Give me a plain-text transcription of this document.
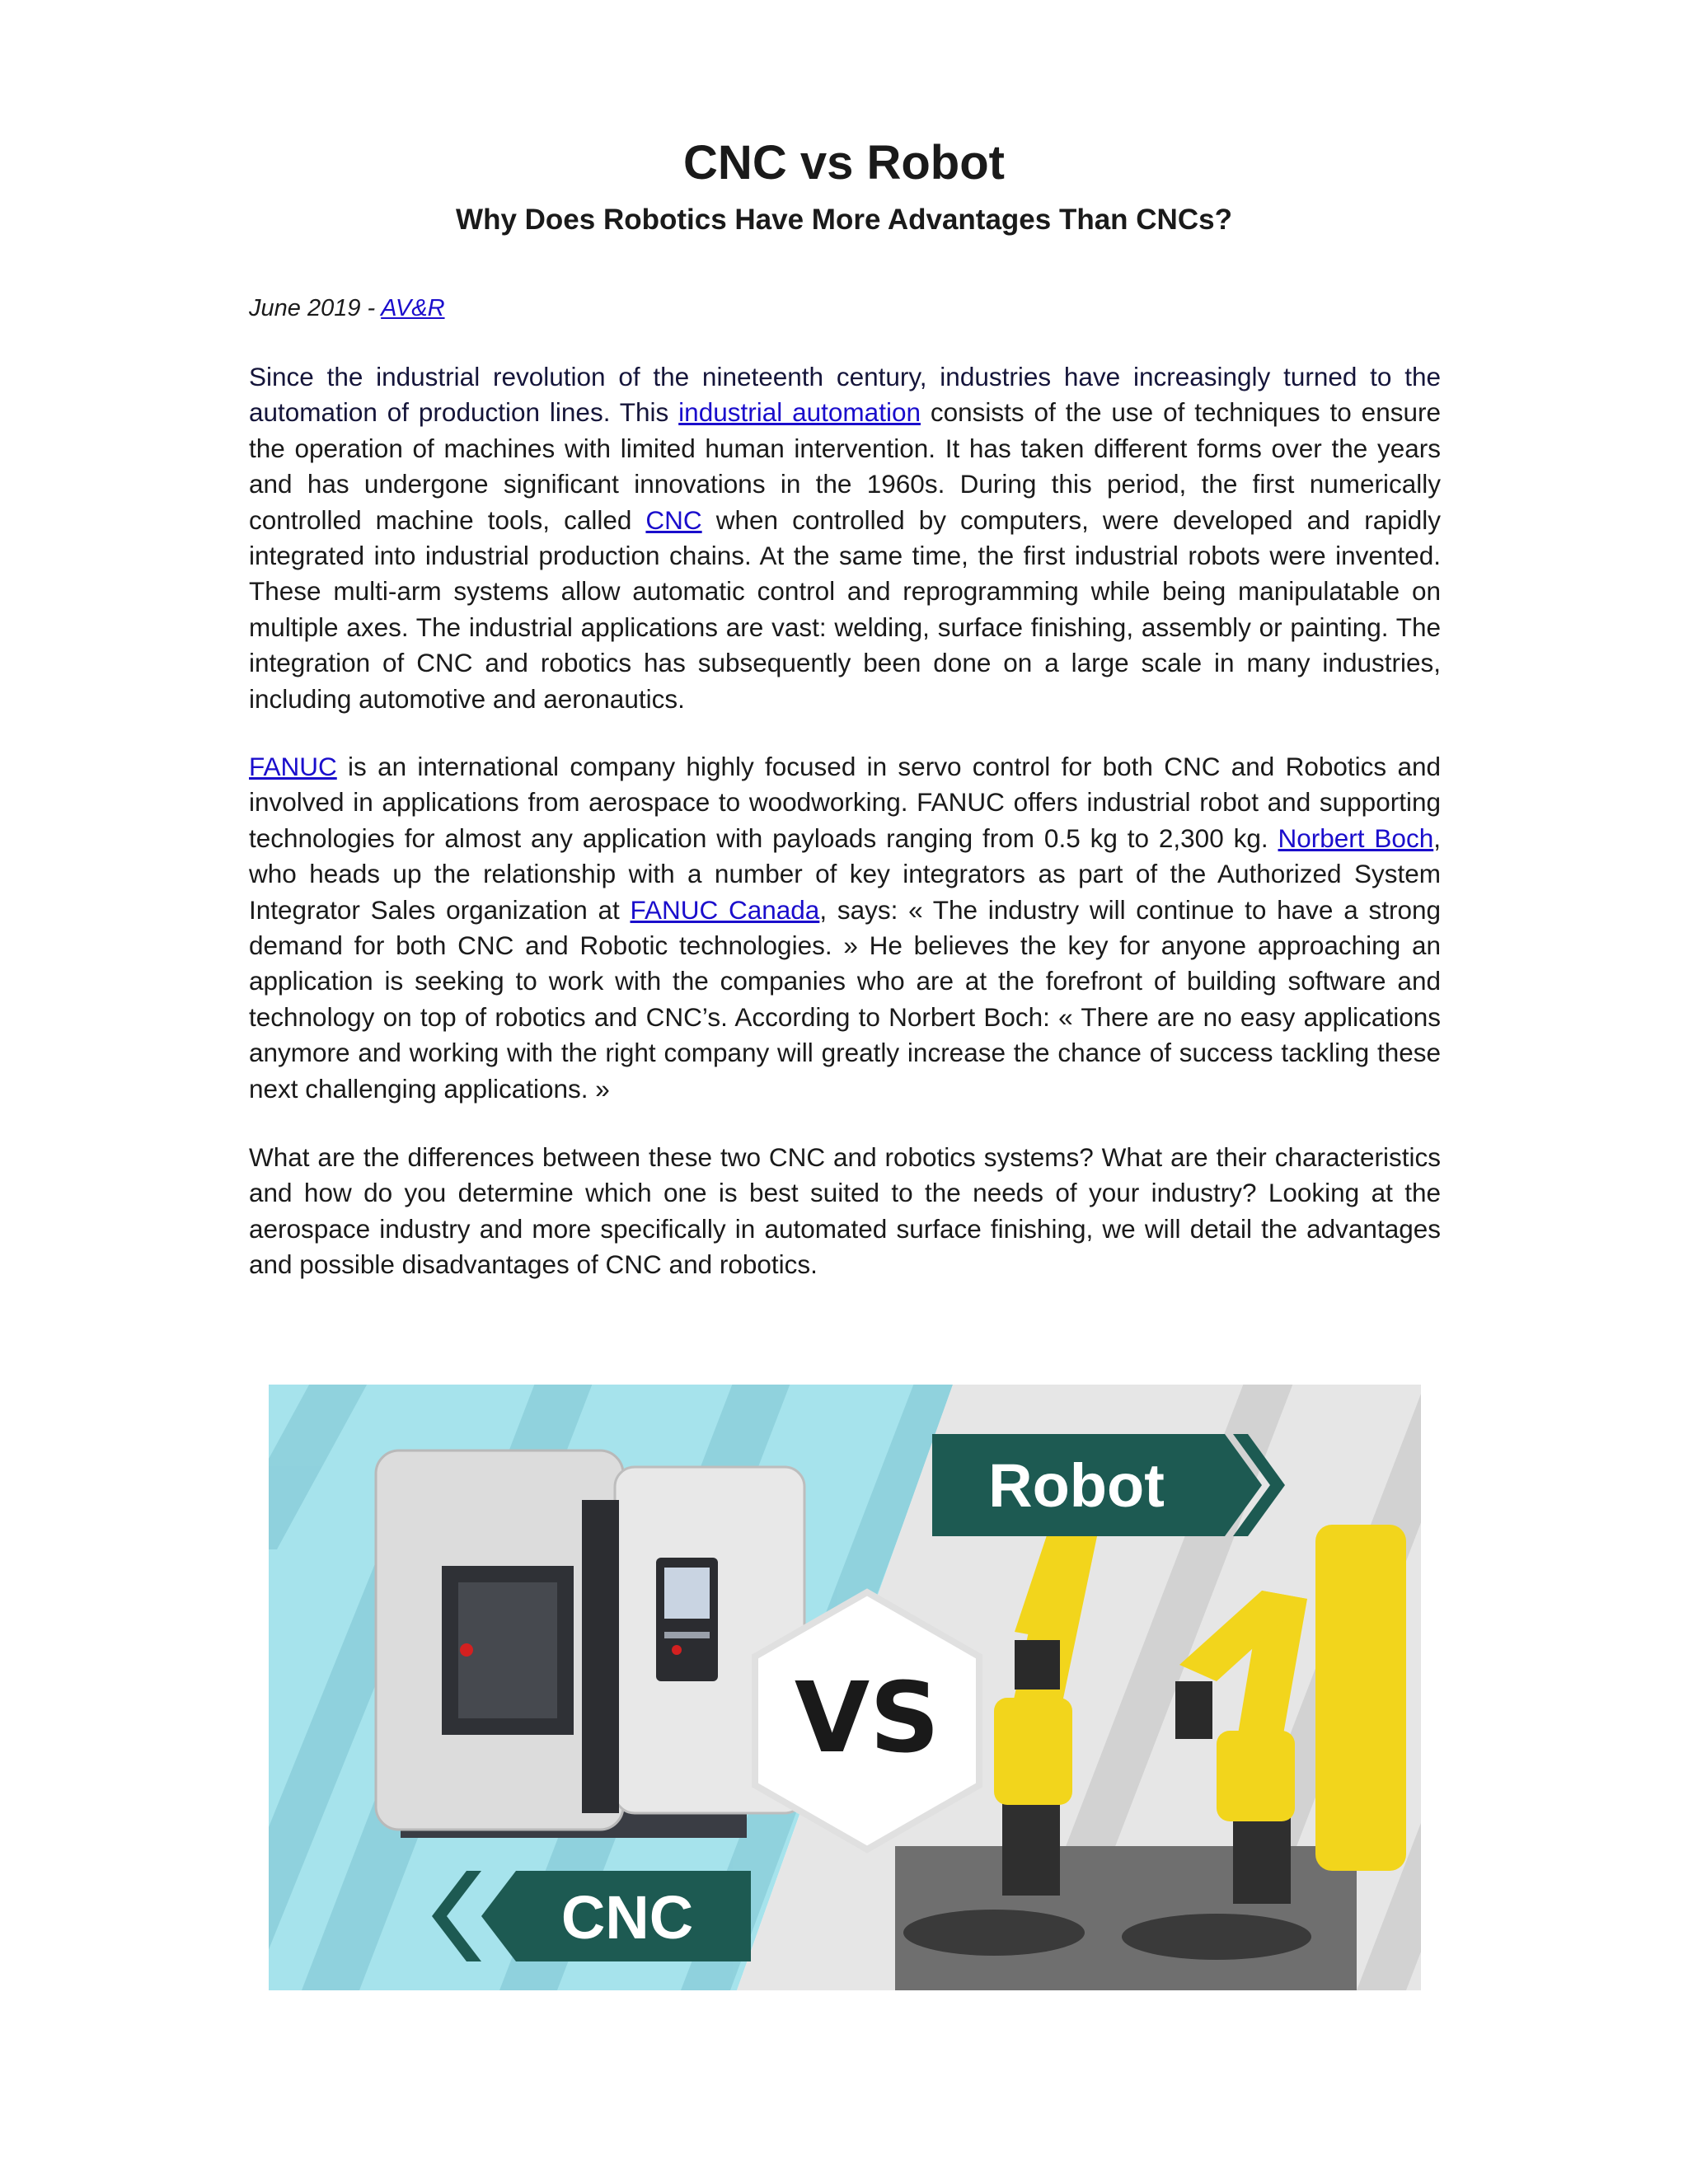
CNC vs Robot
Why Does Robotics Have More Advantages Than CNCs?
June 2019 - AV&R

Since the industrial revolution of the nineteenth century, industries have increasingly turned to the automation of production lines. This industrial automation consists of the use of techniques to ensure the operation of machines with limited human intervention. It has taken different forms over the years and has undergone significant innovations in the 1960s. During this period, the first numerically controlled machine tools, called CNC when controlled by computers, were developed and rapidly integrated into industrial production chains. At the same time, the first industrial robots were invented. These multi-arm systems allow automatic control and reprogramming while being manipulatable on multiple axes. The industrial applications are vast: welding, surface finishing, assembly or painting. The integration of CNC and robotics has subsequently been done on a large scale in many industries, including automotive and aeronautics.

FANUC is an international company highly focused in servo control for both CNC and Robotics and involved in applications from aerospace to woodworking. FANUC offers industrial robot and supporting technologies for almost any application with payloads ranging from 0.5 kg to 2,300 kg. Norbert Boch, who heads up the relationship with a number of key integrators as part of the Authorized System Integrator Sales organization at FANUC Canada, says: « The industry will continue to have a strong demand for both CNC and Robotic technologies. » He believes the key for anyone approaching an application is seeking to work with the companies who are at the forefront of building software and technology on top of robotics and CNC’s. According to Norbert Boch: « There are no easy applications anymore and working with the right company will greatly increase the chance of success tackling these next challenging applications. »

What are the differences between these two CNC and robotics systems? What are their characteristics and how do you determine which one is best suited to the needs of your industry? Looking at the aerospace industry and more specifically in automated surface finishing, we will detail the advantages and possible disadvantages of CNC and robotics.

Robot
CNC
VS
